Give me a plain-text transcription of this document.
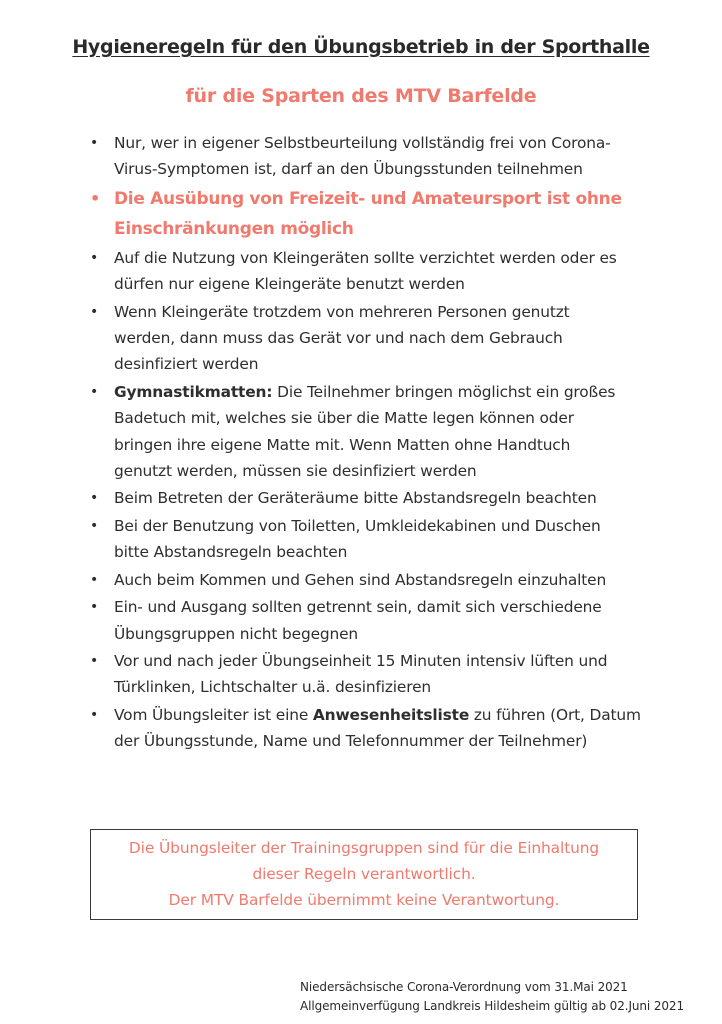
Hygieneregeln für den Übungsbetrieb in der Sporthalle
für die Sparten des MTV Barfelde
• Nur, wer in eigener Selbstbeurteilung vollständig frei von Corona-
Virus-Symptomen ist, darf an den Übungsstunden teilnehmen
• Die Ausübung von Freizeit- und Amateursport ist ohne
Einschränkungen möglich
• Auf die Nutzung von Kleingeräten sollte verzichtet werden oder es
dürfen nur eigene Kleingeräte benutzt werden
• Wenn Kleingeräte trotzdem von mehreren Personen genutzt
werden, dann muss das Gerät vor und nach dem Gebrauch
desinfiziert werden
• Gymnastikmatten: Die Teilnehmer bringen möglichst ein großes
Badetuch mit, welches sie über die Matte legen können oder
bringen ihre eigene Matte mit. Wenn Matten ohne Handtuch
genutzt werden, müssen sie desinfiziert werden
• Beim Betreten der Geräteräume bitte Abstandsregeln beachten
• Bei der Benutzung von Toiletten, Umkleidekabinen und Duschen
bitte Abstandsregeln beachten
• Auch beim Kommen und Gehen sind Abstandsregeln einzuhalten
• Ein- und Ausgang sollten getrennt sein, damit sich verschiedene
Übungsgruppen nicht begegnen
• Vor und nach jeder Übungseinheit 15 Minuten intensiv lüften und
Türklinken, Lichtschalter u.ä. desinfizieren
• Vom Übungsleiter ist eine Anwesenheitsliste zu führen (Ort, Datum
der Übungsstunde, Name und Telefonnummer der Teilnehmer)
Die Übungsleiter der Trainingsgruppen sind für die Einhaltung
dieser Regeln verantwortlich.
Der MTV Barfelde übernimmt keine Verantwortung.
Niedersächsische Corona-Verordnung vom 31.Mai 2021
Allgemeinverfügung Landkreis Hildesheim gültig ab 02.Juni 2021
